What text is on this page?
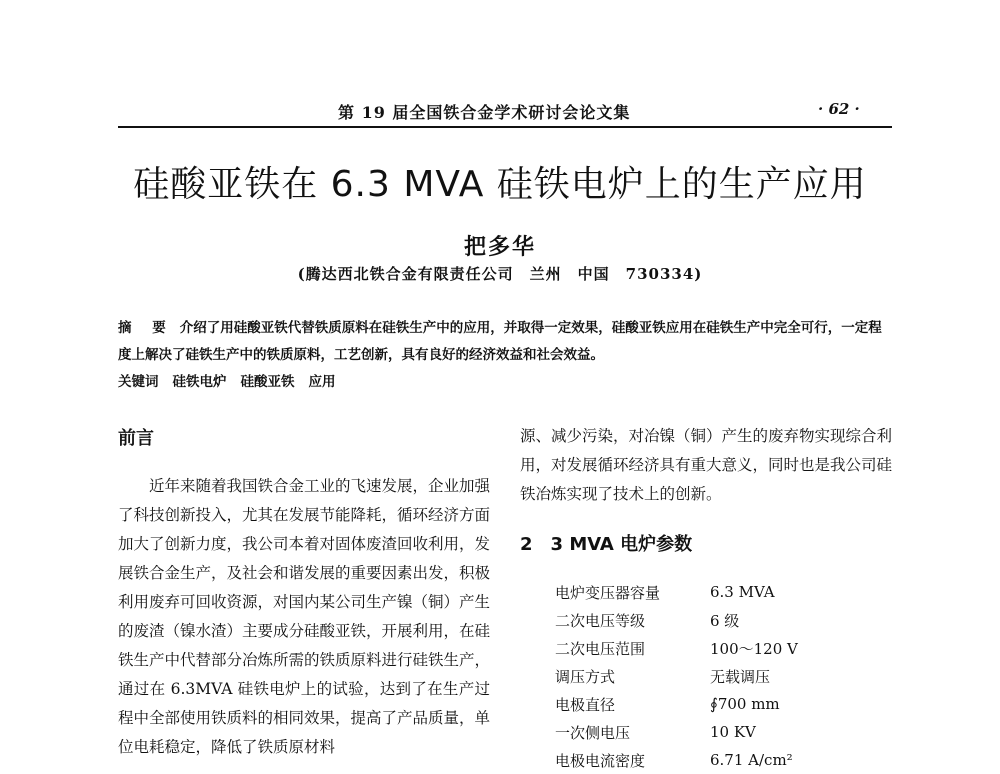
第 19 届全国铁合金学术研讨会论文集	· 62 ·
硅酸亚铁在 6.3 MVA 硅铁电炉上的生产应用
把多华
(腾达西北铁合金有限责任公司　兰州　中国　730334)
摘 要 介绍了用硅酸亚铁代替铁质原料在硅铁生产中的应用，并取得一定效果，硅酸亚铁应用在硅铁生产中完全可行，一定程度上解决了硅铁生产中的铁质原料，工艺创新，具有良好的经济效益和社会效益。
关键词 硅铁电炉 硅酸亚铁 应用
前言
近年来随着我国铁合金工业的飞速发展，企业加强了科技创新投入，尤其在发展节能降耗，循环经济方面加大了创新力度，我公司本着对固体废渣回收利用，发展铁合金生产，及社会和谐发展的重要因素出发，积极利用废弃可回收资源，对国内某公司生产镍（铜）产生的废渣（镍水渣）主要成分硅酸亚铁，开展利用，在硅铁生产中代替部分冶炼所需的铁质原料进行硅铁生产，通过在 6.3MVA 硅铁电炉上的试验，达到了在生产过程中全部使用铁质料的相同效果，提高了产品质量，单位电耗稳定，降低了铁质原材料
源、减少污染，对冶镍（铜）产生的废弃物实现综合利用，对发展循环经济具有重大意义，同时也是我公司硅铁冶炼实现了技术上的创新。
2　3 MVA 电炉参数
电炉变压器容量	6.3 MVA
二次电压等级	6 级
二次电压范围	100～120 V
调压方式	无载调压
电极直径	∮700 mm
一次侧电压	10 KV
电极电流密度	6.71 A/cm²
